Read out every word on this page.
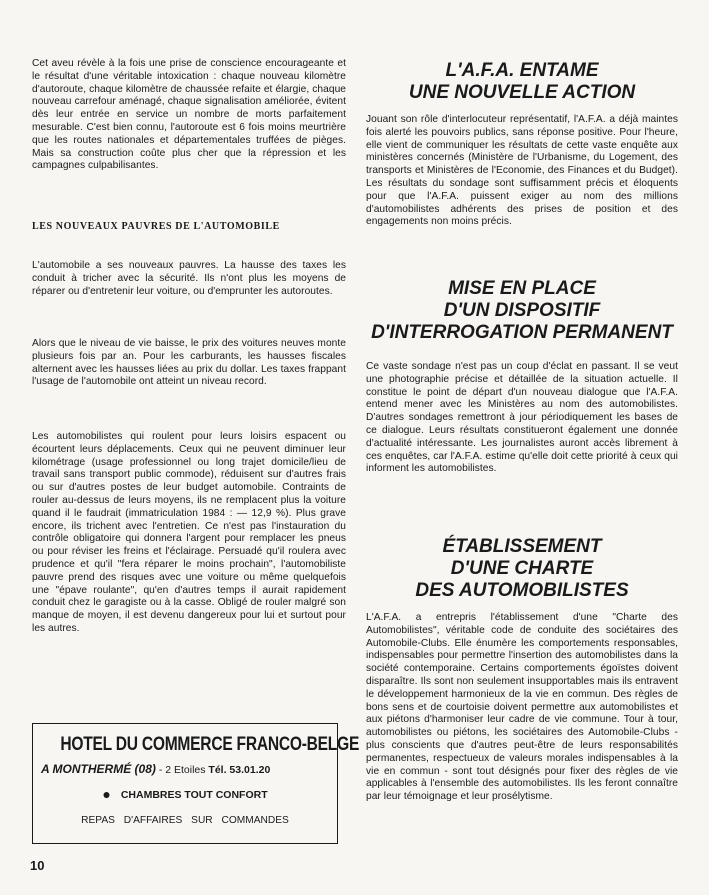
Cet aveu révèle à la fois une prise de conscience encourageante et le résultat d'une véritable intoxication : chaque nouveau kilomètre d'autoroute, chaque kilomètre de chaussée refaite et élargie, chaque nouveau carrefour aménagé, chaque signalisation améliorée, évitent dès leur entrée en service un nombre de morts parfaitement mesurable. C'est bien connu, l'autoroute est 6 fois moins meurtrière que les routes nationales et départementales truffées de pièges. Mais sa construction coûte plus cher que la répression et les campagnes culpabilisantes.

LES NOUVEAUX PAUVRES DE L'AUTOMOBILE

L'automobile a ses nouveaux pauvres. La hausse des taxes les conduit à tricher avec la sécurité. Ils n'ont plus les moyens de réparer ou d'entretenir leur voiture, ou d'emprunter les autoroutes.

Alors que le niveau de vie baisse, le prix des voitures neuves monte plusieurs fois par an. Pour les carburants, les hausses fiscales alternent avec les hausses liées au prix du dollar. Les taxes frappant l'usage de l'automobile ont atteint un niveau record.

Les automobilistes qui roulent pour leurs loisirs espacent ou écourtent leurs déplacements. Ceux qui ne peuvent diminuer leur kilométrage (usage professionnel ou long trajet domicile/lieu de travail sans transport public commode), réduisent sur d'autres frais ou sur d'autres postes de leur budget automobile. Contraints de rouler au-dessus de leurs moyens, ils ne remplacent plus la voiture quand il le faudrait (immatriculation 1984 : — 12,9 %). Plus grave encore, ils trichent avec l'entretien. Ce n'est pas l'instauration du contrôle obligatoire qui donnera l'argent pour remplacer les pneus ou pour réviser les freins et l'éclairage. Persuadé qu'il roulera avec prudence et qu'il "fera réparer le moins prochain", l'automobiliste pauvre prend des risques avec une voiture ou même quelquefois une "épave roulante", qu'en d'autres temps il aurait rapidement conduit chez le garagiste ou à la casse. Obligé de rouler malgré son manque de moyen, il est devenu dangereux pour lui et surtout pour les autres.

HOTEL DU COMMERCE FRANCO-BELGE
A MONTHERMÉ (08) - 2 Etoiles Tél. 53.01.20
● CHAMBRES TOUT CONFORT
REPAS D'AFFAIRES SUR COMMANDES
L'A.F.A. ENTAME
UNE NOUVELLE ACTION

Jouant son rôle d'interlocuteur représentatif, l'A.F.A. a déjà maintes fois alerté les pouvoirs publics, sans réponse positive. Pour l'heure, elle vient de communiquer les résultats de cette vaste enquête aux ministères concernés (Ministère de l'Urbanisme, du Logement, des transports et Ministères de l'Economie, des Finances et du Budget). Les résultats du sondage sont suffisamment précis et éloquents pour que l'A.F.A. puissent exiger au nom des millions d'automobilistes adhérents des prises de position et des engagements non moins précis.

MISE EN PLACE
D'UN DISPOSITIF
D'INTERROGATION PERMANENT

Ce vaste sondage n'est pas un coup d'éclat en passant. Il se veut une photographie précise et détaillée de la situation actuelle. Il constitue le point de départ d'un nouveau dialogue que l'A.F.A. entend mener avec les Ministères au nom des automobilistes. D'autres sondages remettront à jour périodiquement les bases de ce dialogue. Leurs résultats constitueront également une donnée d'actualité intéressante. Les journalistes auront accès librement à ces enquêtes, car l'A.F.A. estime qu'elle doit cette priorité à ceux qui informent les automobilistes.

ÉTABLISSEMENT
D'UNE CHARTE
DES AUTOMOBILISTES

L'A.F.A. a entrepris l'établissement d'une "Charte des Automobilistes", véritable code de conduite des sociétaires des Automobile-Clubs. Elle énumère les comportements responsables, indispensables pour permettre l'insertion des automobilistes dans la société contemporaine. Certains comportements égoïstes doivent disparaître. Ils sont non seulement insupportables mais ils entravent le développement harmonieux de la vie en commun. Des règles de bons sens et de courtoisie doivent permettre aux automobilistes et aux piétons d'harmoniser leur cadre de vie commune. Tour à tour, automobilistes ou piétons, les sociétaires des Automobile-Clubs - plus conscients que d'autres peut-être de leurs responsabilités permanentes, respectueux de valeurs morales indispensables à la vie en commun - sont tout désignés pour fixer des règles de vie applicables à l'ensemble des automobilistes. Ils les feront connaître par leur témoignage et leur prosélytisme.

10
